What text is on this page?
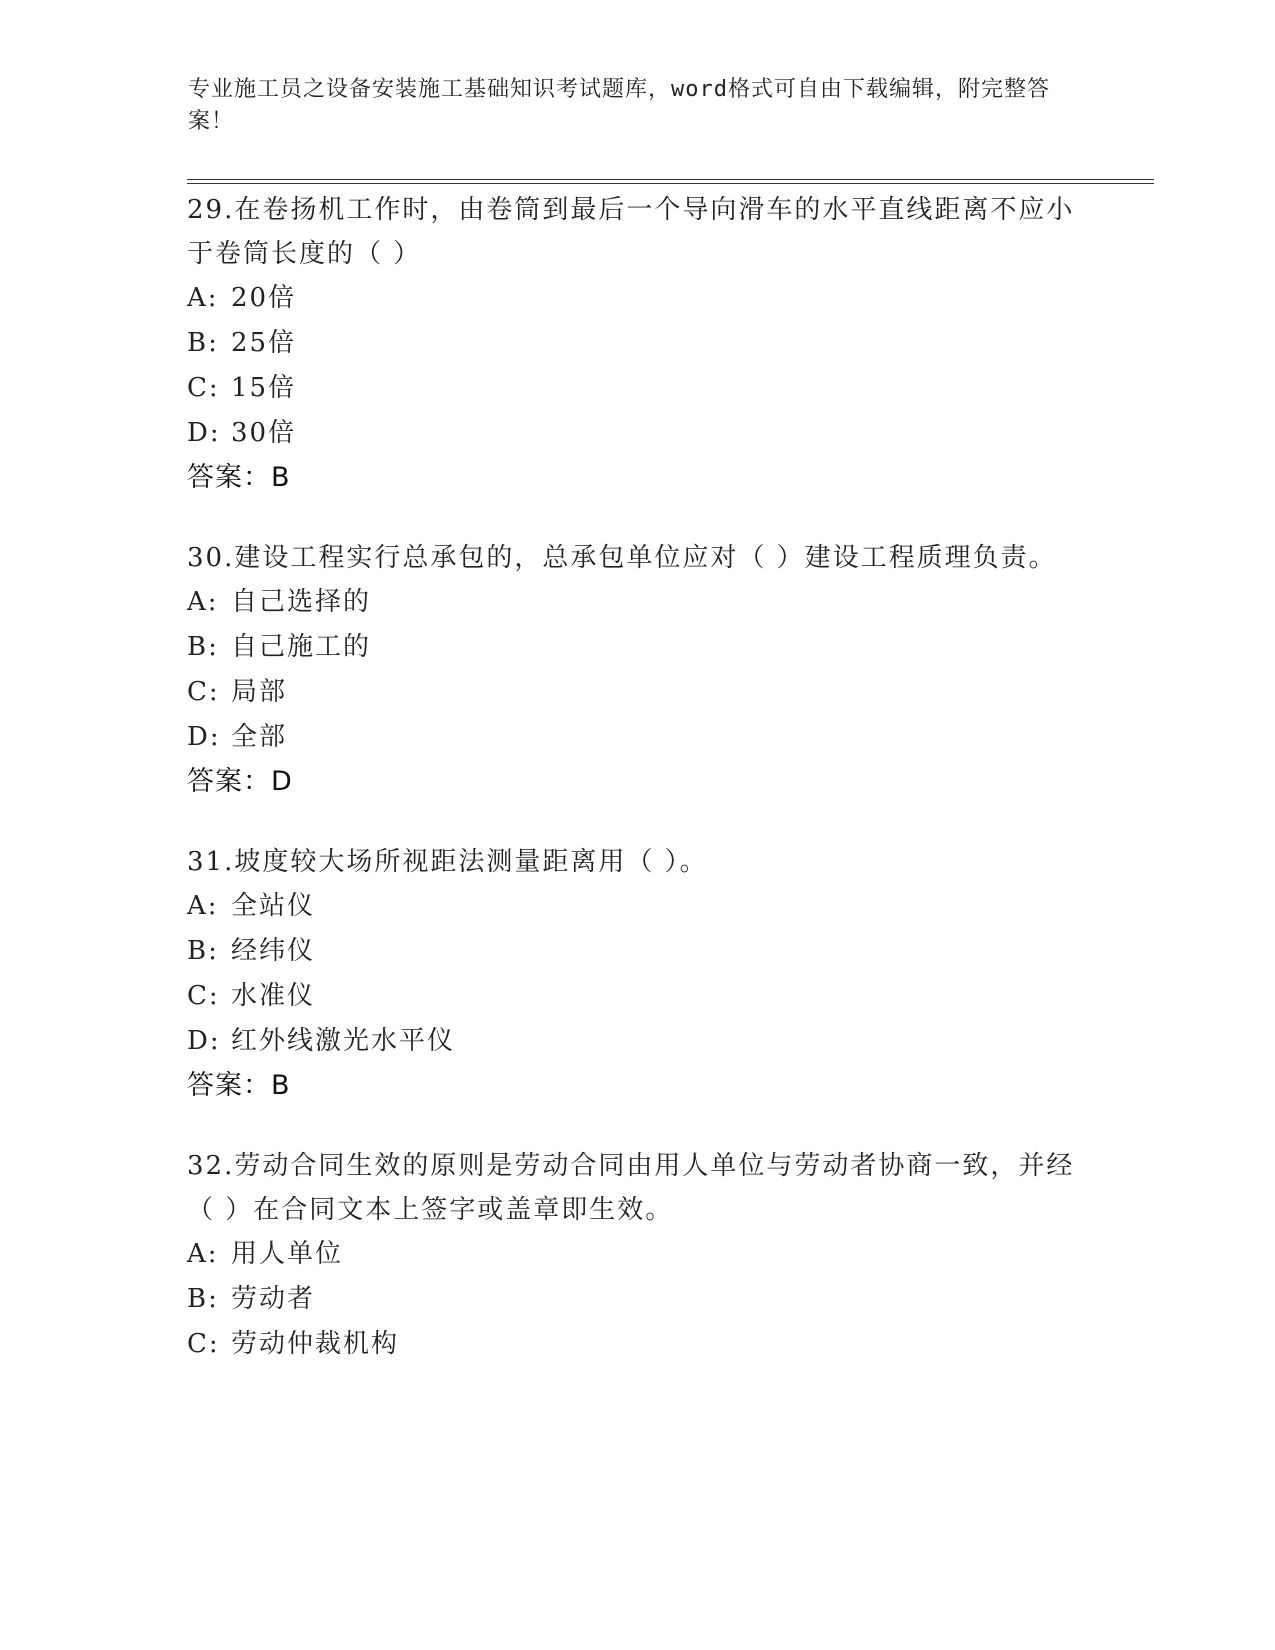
专业施工员之设备安装施工基础知识考试题库，word格式可自由下载编辑，附完整答案！

29.在卷扬机工作时，由卷筒到最后一个导向滑车的水平直线距离不应小于卷筒长度的（ ）

A: 20倍

B: 25倍

C: 15倍

D: 30倍

答案：B

30.建设工程实行总承包的，总承包单位应对（ ）建设工程质理负责。

A: 自己选择的

B: 自己施工的

C: 局部

D: 全部

答案：D

31.坡度较大场所视距法测量距离用（ ）。

A: 全站仪

B: 经纬仪

C: 水准仪

D: 红外线激光水平仪

答案：B

32.劳动合同生效的原则是劳动合同由用人单位与劳动者协商一致，并经（ ）在合同文本上签字或盖章即生效。

A: 用人单位

B: 劳动者

C: 劳动仲裁机构
